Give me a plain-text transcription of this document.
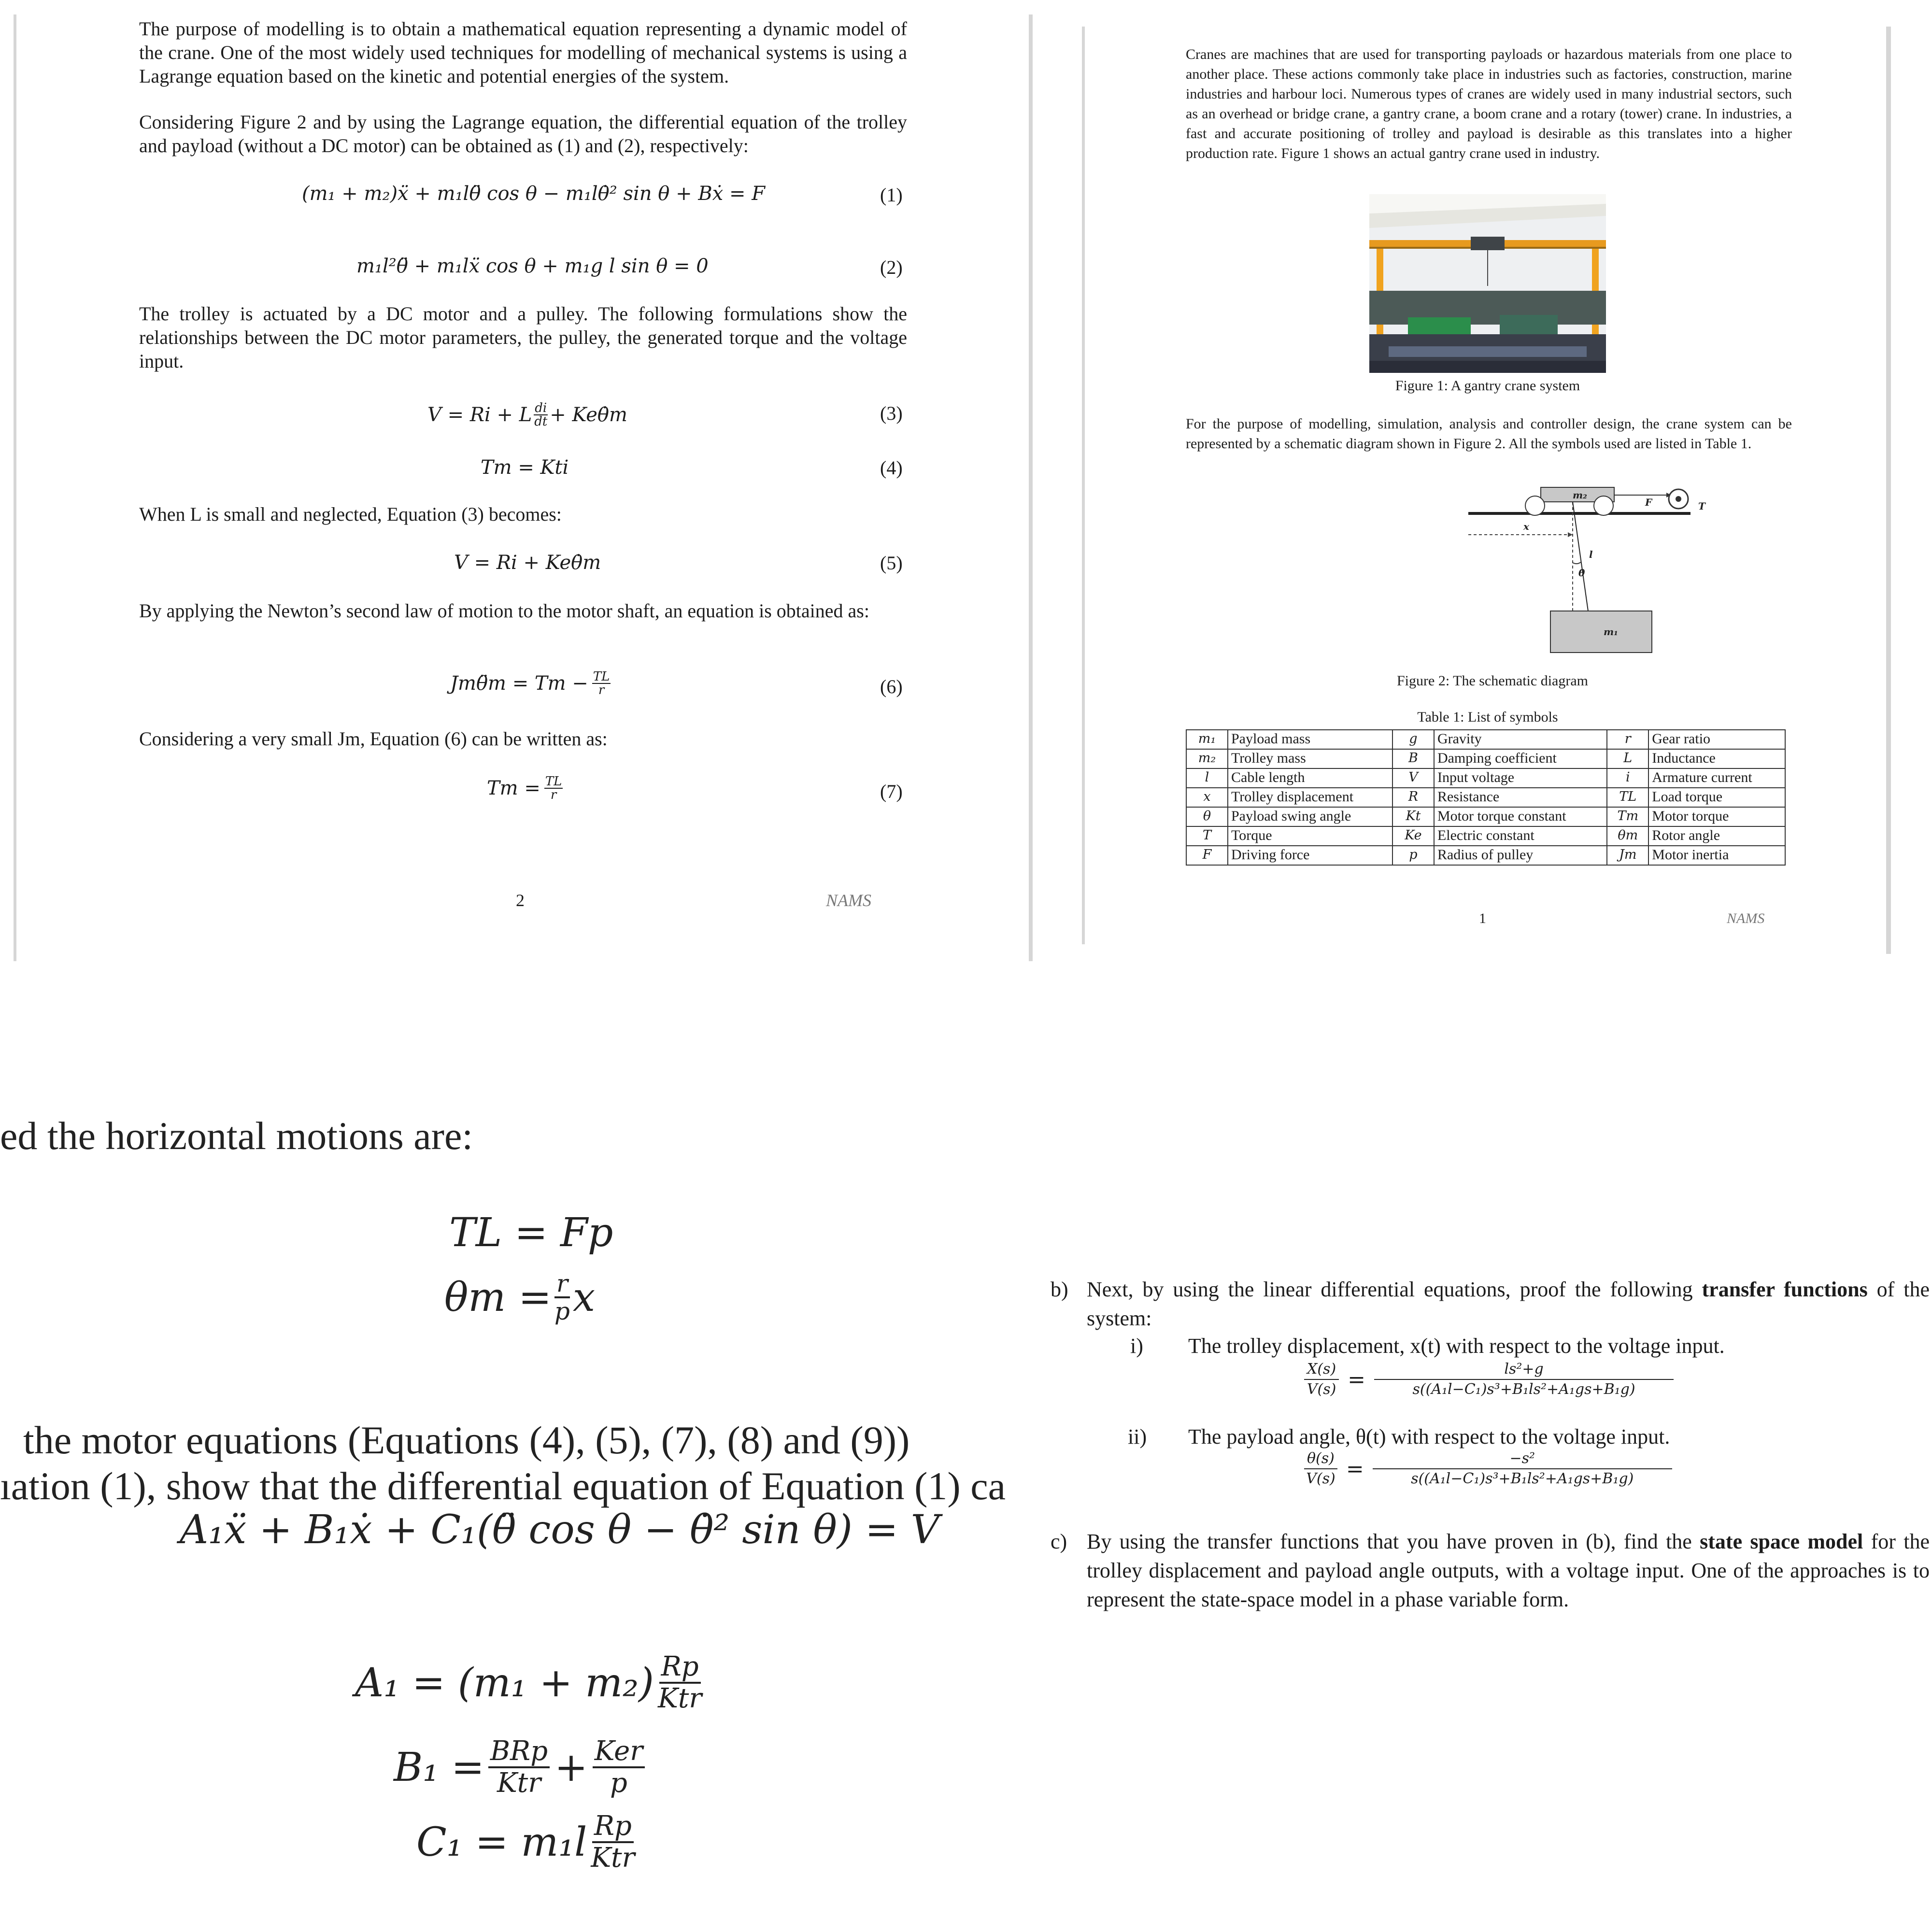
The purpose of modelling is to obtain a mathematical equation representing a dynamic model of the crane. One of the most widely used techniques for modelling of mechanical systems is using a Lagrange equation based on the kinetic and potential energies of the system.
Considering Figure 2 and by using the Lagrange equation, the differential equation of the trolley and payload (without a DC motor) can be obtained as (1) and (2), respectively:
(m₁ + m₂)ẍ + m₁lθ̈ cos θ − m₁lθ̇² sin θ + Bẋ = F	(1)
m₁l²θ̈ + m₁lẍ cos θ + m₁g l sin θ = 0	(2)
The trolley is actuated by a DC motor and a pulley. The following formulations show the relationships between the DC motor parameters, the pulley, the generated torque and the voltage input.
V = Ri + L $\frac{di}{dt}$ + Keθ̇m	(3)
Tm = Kti	(4)
When L is small and neglected, Equation (3) becomes:
V = Ri + Keθ̇m	(5)
By applying the Newton’s second law of motion to the motor shaft, an equation is obtained as:
Jmθ̈m = $Tm - \frac{TL}{r}$	(6)
Considering a very small Jm, Equation (6) can be written as:
$Tm = \frac{TL}{r}$	(7)
2	NAMS
Cranes are machines that are used for transporting payloads or hazardous materials from one place to another place. These actions commonly take place in industries such as factories, construction, marine industries and harbour loci. Numerous types of cranes are widely used in many industrial sectors, such as an overhead or bridge crane, a gantry crane, a boom crane and a rotary (tower) crane. In industries, a fast and accurate positioning of trolley and payload is desirable as this translates into a higher production rate. Figure 1 shows an actual gantry crane used in industry.
Figure 1: A gantry crane system
For the purpose of modelling, simulation, analysis and controller design, the crane system can be represented by a schematic diagram shown in Figure 2. All the symbols used are listed in Table 1.
m₂
F	T
x
l
θ
m₁
Figure 2: The schematic diagram
Table 1: List of symbols
m₁	Payload mass	g	Gravity	r	Gear ratio
m₂	Trolley mass	B	Damping coefficient	L	Inductance
l	Cable length	V	Input voltage	i	Armature current
x	Trolley displacement	R	Resistance	TL	Load torque
θ	Payload swing angle	Kt	Motor torque constant	Tm	Motor torque
T	Torque	Ke	Electric constant	θm	Rotor angle
F	Driving force	p	Radius of pulley	Jm	Motor inertia
1	NAMS
ed the horizontal motions are:
TL = Fp
$\theta m = \frac{r}{p}$ x
the motor equations (Equations (4), (5), (7), (8) and (9))
ıation (1), show that the differential equation of Equation (1) ca
A₁ẍ + B₁ẋ + C₁(θ̈ cos θ − θ̇² sin θ) = V
A₁ = (m₁ + m₂) Rp
Ktr
B₁ = BRp
Ktr + Ker
p
C₁ = m₁l Rp
Ktr
b) Next, by using the linear differential equations, proof the following transfer functions of the system:
i) The trolley displacement, x(t) with respect to the voltage input.
$\frac{X(s)}{V(s)} = \frac{\text{ls²+g}}{\text{s((A₁l−C₁)s³+B₁ls²+A₁gs+B₁g)}}$
ii) The payload angle, θ(t) with respect to the voltage input.
$\frac{\theta(s)}{V(s)} = \frac{\text{−s²}}{\text{s((A₁l−C₁)s³+B₁ls²+A₁gs+B₁g)}}$
c) By using the transfer functions that you have proven in (b), find the state space model for the trolley displacement and payload angle outputs, with a voltage input. One of the approaches is to represent the state-space model in a phase variable form.
